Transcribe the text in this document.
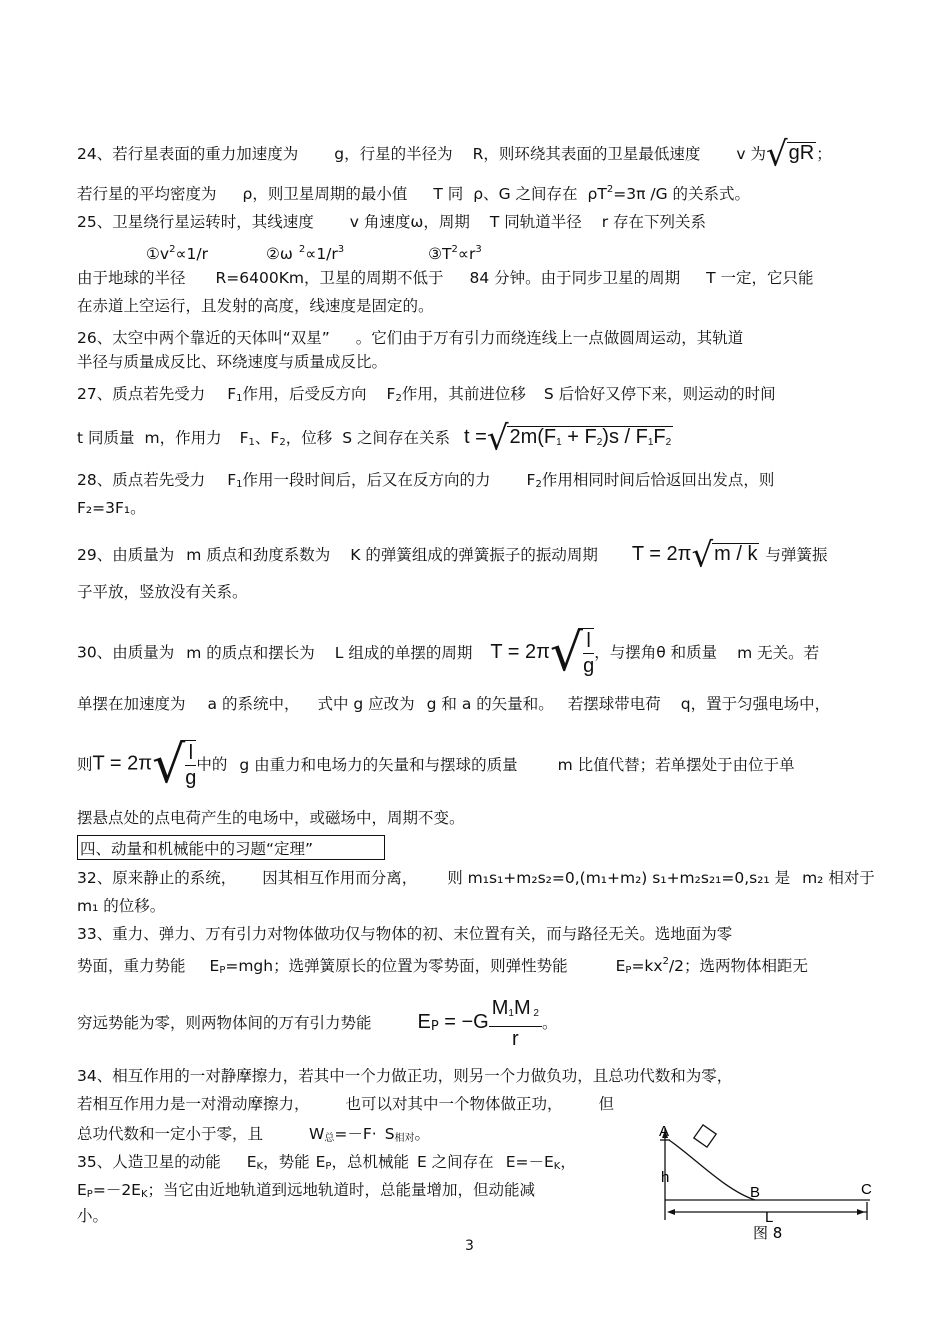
24、若行星表面的重力加速度为 g，行星的半径为 R，则环绕其表面的卫星最低速度 v 为√gR ；
若行星的平均密度为 ρ，则卫星周期的最小值 T 同 ρ、G 之间存在 $\rho T^2=3\pi$ /G 的关系式。
25、卫星绕行星运转时，其线速度 v 角速度ω，周期 T 同轨道半径 r 存在下列关系
$①v^2\propto 1/r$	②ω $^2\propto 1/r^3$	$③T^2\propto r^3$
由于地球的半径 R=6400Km，卫星的周期不低于 84 分钟。由于同步卫星的周期 T 一定，它只能
在赤道上空运行，且发射的高度，线速度是固定的。
26、太空中两个靠近的天体叫“双星” 。它们由于万有引力而绕连线上一点做圆周运动，其轨道
半径与质量成反比、环绕速度与质量成反比。
27、质点若先受力 $F_1$作用，后受反方向 $F_2$作用，其前进位移 S 后恰好又停下来，则运动的时间
t 同质量 m，作用力 $F_1$、$F_2$，位移 S 之间存在关系 $t =√2m(F_1 + F_2)s / F_1F_2$
28、质点若先受力 $F_1$作用一段时间后，后又在反方向的力 $F_2$作用相同时间后恰返回出发点，则
F₂=3F₁。
29、由质量为 m 质点和劲度系数为 K 的弹簧组成的弹簧振子的振动周期 T = 2π√m / k 与弹簧振
子平放，竖放没有关系。
30、由质量为 m 的质点和摆长为 L 组成的单摆的周期 $T = 2\pi√ \frac{l}{g}$ ，与摆角θ 和质量 m 无关。若
单摆在加速度为 a 的系统中， 式中 g 应改为 g 和 a 的矢量和。 若摆球带电荷 q，置于匀强电场中，
则$T = 2\pi√ \frac{l}{g}$ 中的 g 由重力和电场力的矢量和与摆球的质量	m 比值代替；若单摆处于由位于单
摆悬点处的点电荷产生的电场中，或磁场中，周期不变。
四、动量和机械能中的习题“定理”
32、原来静止的系统， 因其相互作用而分离， 则 m₁s₁+m₂s₂=0,(m₁+m₂) s₁+m₂s₂₁=0,s₂₁ 是 m₂ 相对于
m₁ 的位移。
33、重力、弹力、万有引力对物体做功仅与物体的初、末位置有关，而与路径无关。选地面为零
势面，重力势能 $E_P=mgh$；选弹簧原长的位置为零势面，则弹性势能	$E_P=kx^2/2$；选两物体相距无
穷远势能为零，则两物体间的万有引力势能 EP = $-G \frac{M_1M _2}{r}$ 。
34、相互作用的一对静摩擦力，若其中一个力做正功，则另一个力做负功，且总功代数和为零，
若相互作用力是一对滑动摩擦力， 也可以对其中一个物体做正功， 但
总功代数和一定小于零，且	$W_总=-F\cdot S_{相对}$。
35、人造卫星的动能 $E_K$，势能 $E_P$，总机械能 E 之间存在 $E=-E_K$，
$E_P=-2E_K$；当它由近地轨道到远地轨道时，总能量增加，但动能减
小。
A
h
B	C
L
图 8
3
